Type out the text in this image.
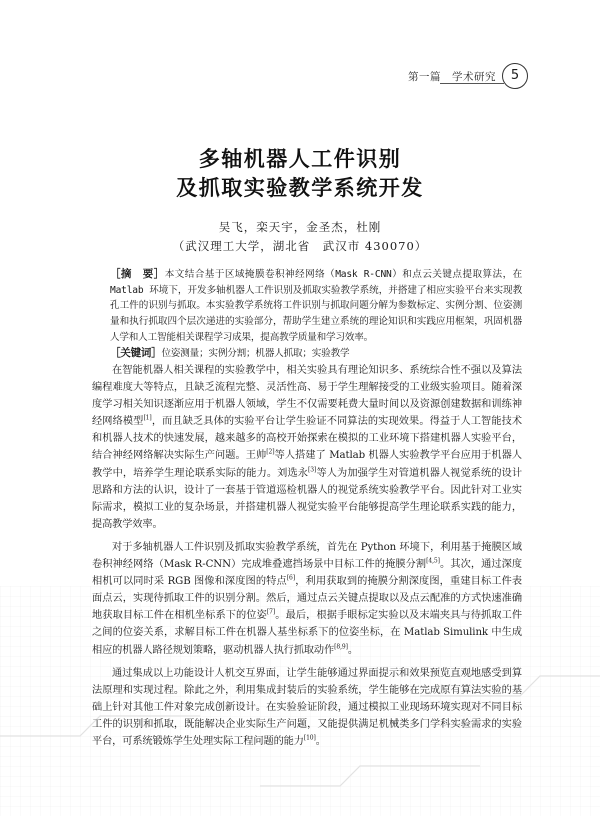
第一篇　学术研究	5
多轴机器人工件识别
及抓取实验教学系统开发
吴飞，栾天宇，金圣杰，杜刚
（武汉理工大学，湖北省　武汉市 430070）

［摘　要］本文结合基于区域掩膜卷积神经网络（Mask R-CNN）和点云关键点提取算法，在 Matlab 环境下，开发多轴机器人工件识别及抓取实验教学系统，并搭建了相应实验平台来实现教孔工件的识别与抓取。本实验教学系统将工件识别与抓取问题分解为参数标定、实例分割、位姿测量和执行抓取四个层次递进的实验部分，帮助学生建立系统的理论知识和实践应用框架，巩固机器人学和人工智能相关课程学习成果，提高教学质量和学习效率。

［关键词］位姿测量；实例分割；机器人抓取；实验教学

在智能机器人相关课程的实验教学中，相关实验具有理论知识多、系统综合性不强以及算法编程难度大等特点，且缺乏流程完整、灵活性高、易于学生理解接受的工业级实验项目。随着深度学习相关知识逐渐应用于机器人领域，学生不仅需要耗费大量时间以及资源创建数据和训练神经网络模型[1]，而且缺乏具体的实验平台让学生验证不同算法的实现效果。得益于人工智能技术和机器人技术的快速发展，越来越多的高校开始探索在模拟的工业环境下搭建机器人实验平台，结合神经网络解决实际生产问题。王帅[2]等人搭建了 Matlab 机器人实验教学平台应用于机器人教学中，培养学生理论联系实际的能力。刘选永[3]等人为加强学生对管道机器人视觉系统的设计思路和方法的认识，设计了一套基于管道巡检机器人的视觉系统实验教学平台。因此针对工业实际需求，模拟工业的复杂场景，并搭建机器人视觉实验平台能够提高学生理论联系实践的能力，提高教学效率。

对于多轴机器人工件识别及抓取实验教学系统，首先在 Python 环境下，利用基于掩膜区域卷积神经网络（Mask R-CNN）完成堆叠遮挡场景中目标工件的掩膜分割[4,5]。其次，通过深度相机可以同时采 RGB 图像和深度图的特点[6]，利用获取到的掩膜分割深度图，重建目标工件表面点云，实现待抓取工件的识别分割。然后，通过点云关键点提取以及点云配准的方式快速准确地获取目标工件在相机坐标系下的位姿[7]。最后，根据手眼标定实验以及末端夹具与待抓取工件之间的位姿关系，求解目标工件在机器人基坐标系下的位姿坐标，在 Matlab Simulink 中生成相应的机器人路径规划策略，驱动机器人执行抓取动作[8,9]。

通过集成以上功能设计人机交互界面，让学生能够通过界面提示和效果预览直观地感受到算法原理和实现过程。除此之外，利用集成封装后的实验系统，学生能够在完成原有算法实验的基础上针对其他工件对象完成创新设计。在实验验证阶段，通过模拟工业现场环境实现对不同目标工件的识别和抓取，既能解决企业实际生产问题，又能提供满足机械类多门学科实验需求的实验平台，可系统锻炼学生处理实际工程问题的能力[10]。
